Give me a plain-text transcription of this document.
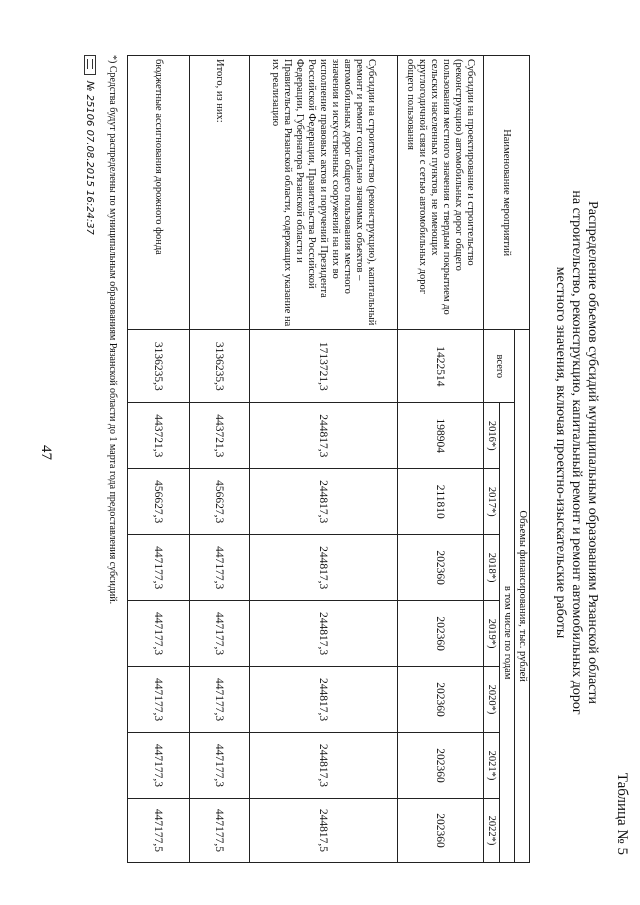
47
Таблица № 5
Распределение объемов субсидий муниципальным образованиям Рязанской области
на строительство, реконструкцию, капитальный ремонт и ремонт автомобильных дорог
местного значения, включая проектно-изыскательские работы
Наименование мероприятий	Объемы финансирования, тыс. рублей							
	всего	в том числе по годам						
		2016*)	2017*)	2018*)	2019*)	2020*)	2021*)	2022*)
Субсидии на проектирование и строительство (реконструкцию) автомобильных дорог общего пользования местного значения с твердым покрытием до сельских населенных пунктов, не имеющих круглогодичной связи с сетью автомобильных дорог общего пользования	1422514	198904	211810	202360	202360	202360	202360	202360
Субсидии на строительство (реконструкцию), капитальный ремонт и ремонт социально значимых объектов – автомобильных дорог общего пользования местного значения и искусственных сооружений на них во исполнение правовых актов и поручений Президента Российской Федерации, Правительства Российской Федерации, Губернатора Рязанской области и Правительства Рязанской области, содержащих указание на их реализацию	1713721,3	244817,3	244817,3	244817,3	244817,3	244817,3	244817,3	244817,5
Итого, из них:	3136235,3	443721,3	456627,3	447177,3	447177,3	447177,3	447177,3	447177,5
бюджетные ассигнования дорожного фонда	3136235,3	443721,3	456627,3	447177,3	447177,3	447177,3	447177,3	447177,5
*) Средства будут распределены по муниципальным образованиям Рязанской области до 1 марта года предоставления субсидий.
№ 25106 07.08.2015 16:24:37
